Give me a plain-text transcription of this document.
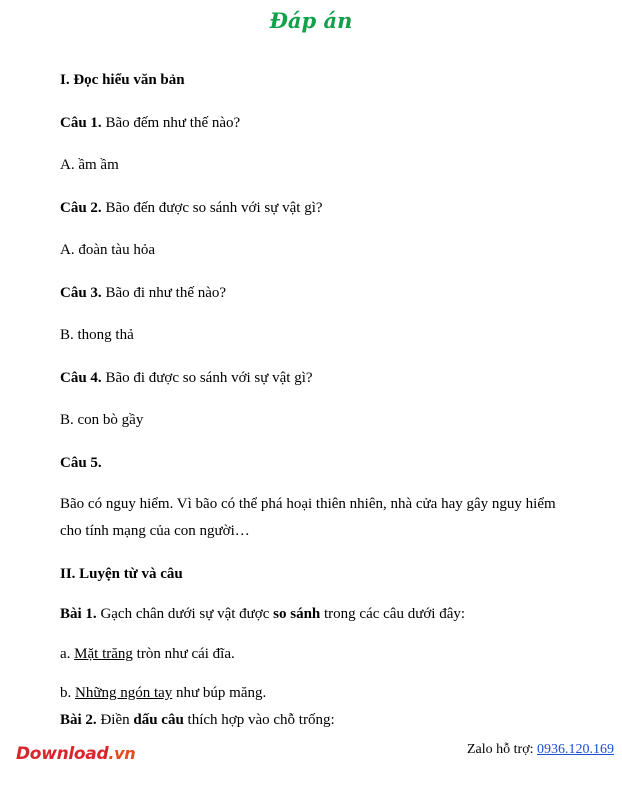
Đáp án
I. Đọc hiểu văn bản
Câu 1. Bão đếm như thế nào?
A. ầm ầm
Câu 2. Bão đến được so sánh với sự vật gì?
A. đoàn tàu hỏa
Câu 3. Bão đi như thế nào?
B. thong thả
Câu 4. Bão đi được so sánh với sự vật gì?
B. con bò gầy
Câu 5.
Bão có nguy hiểm. Vì bão có thể phá hoại thiên nhiên, nhà cửa hay gây nguy hiểm
cho tính mạng của con người…
II. Luyện từ và câu
Bài 1. Gạch chân dưới sự vật được so sánh trong các câu dưới đây:
a. Mặt trăng tròn như cái đĩa.
b. Những ngón tay như búp măng.
Bài 2. Điền dấu câu thích hợp vào chỗ trống:
Download.vn	Zalo hỗ trợ: 0936.120.169
